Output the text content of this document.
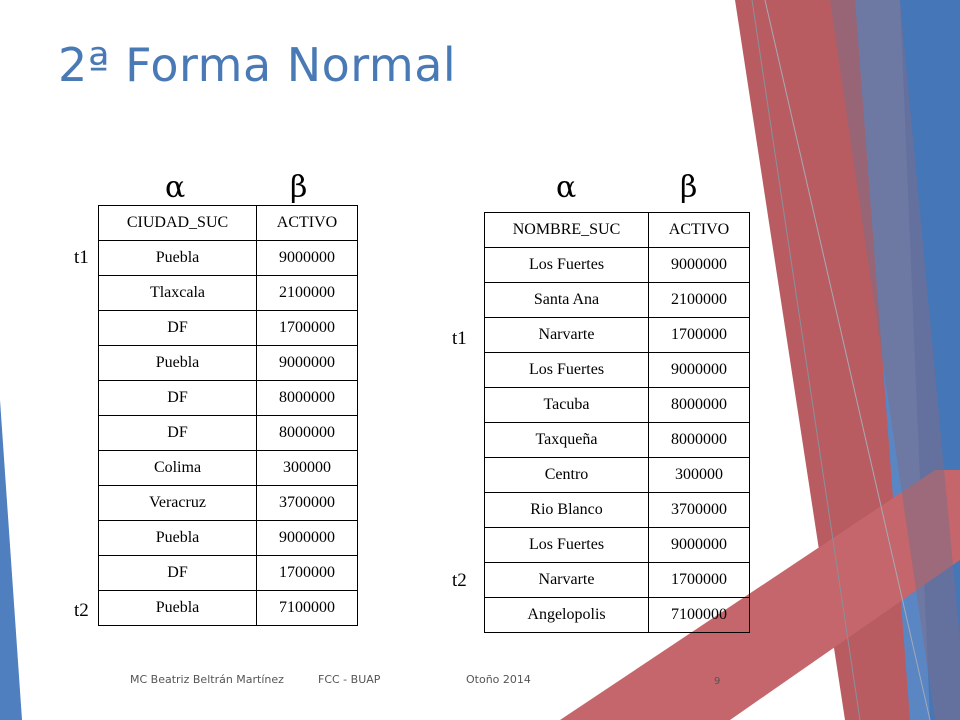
2ª Forma Normal
α	β
t1
t2
CIUDAD_SUC	ACTIVO
Puebla	9000000
Tlaxcala	2100000
DF	1700000
Puebla	9000000
DF	8000000
DF	8000000
Colima	300000
Veracruz	3700000
Puebla	9000000
DF	1700000
Puebla	7100000
α	β
t1
t2
NOMBRE_SUC	ACTIVO
Los Fuertes	9000000
Santa Ana	2100000
Narvarte	1700000
Los Fuertes	9000000
Tacuba	8000000
Taxqueña	8000000
Centro	300000
Rio Blanco	3700000
Los Fuertes	9000000
Narvarte	1700000
Angelopolis	7100000
MC Beatriz Beltrán Martínez	FCC - BUAP	Otoño 2014	9
